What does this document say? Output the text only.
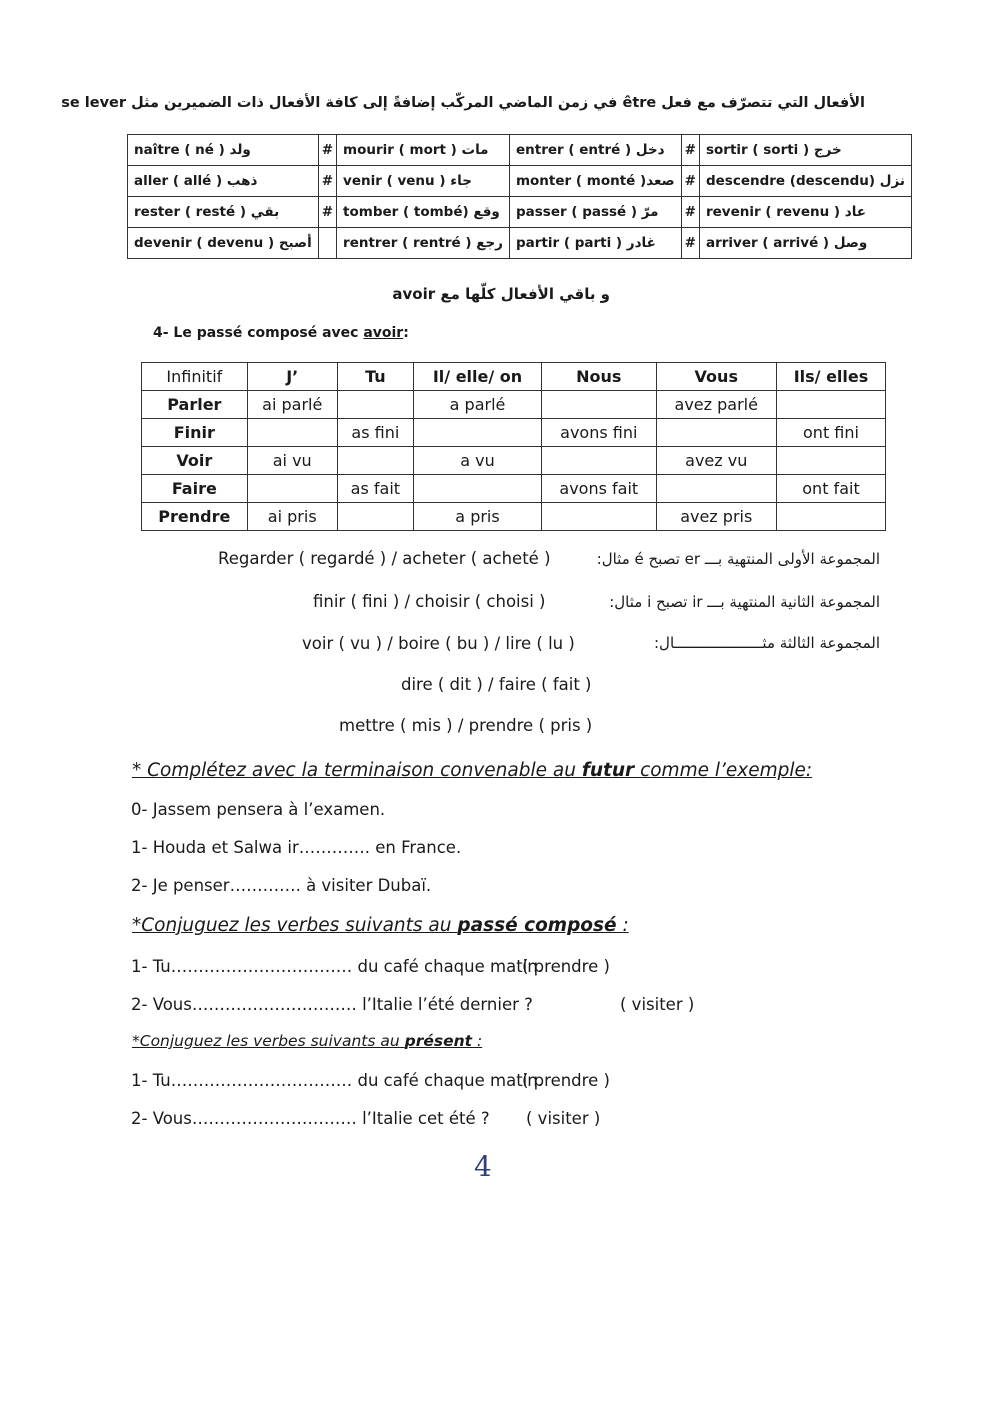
الأفعال التي تتصرّف مع فعل être في زمن الماضي المركّب إضافةً إلى كافة الأفعال ذات الضميرين مثل se lever
naître ( né ) ولد	#	mourir ( mort ) مات	entrer ( entré ) دخل	#	sortir ( sorti ) خرج
aller ( allé ) ذهب	#	venir ( venu ) جاء	monter ( monté )صعد	#	descendre (descendu) نزل
rester ( resté ) بقي	#	tomber ( tombé) وقع	passer ( passé ) مرّ	#	revenir ( revenu ) عاد
devenir ( devenu ) أصبح		rentrer ( rentré ) رجع	partir ( parti ) غادر	#	arriver ( arrivé ) وصل
و باقي الأفعال كلّها مع avoir
4- Le passé composé avec avoir:
Infinitif	J’	Tu	Il/ elle/ on	Nous	Vous	Ils/ elles
Parler	ai parlé		a parlé		avez parlé	
Finir		as fini		avons fini		ont fini
Voir	ai vu		a vu		avez vu	
Faire		as fait		avons fait		ont fait
Prendre	ai pris		a pris		avez pris	
المجموعة الأولى المنتهية بـــ er تصبح é مثال:
Regarder ( regardé ) / acheter ( acheté )
المجموعة الثانية المنتهية بـــ ir تصبح i مثال:
finir ( fini ) / choisir ( choisi )
المجموعة الثالثة مثــــــــــــــــــــال:
voir ( vu ) / boire ( bu ) / lire ( lu )
dire ( dit ) / faire ( fait )
mettre ( mis ) / prendre ( pris )
* Complétez avec la terminaison convenable au futur comme l’exemple:
0- Jassem pensera à l’examen.
1- Houda et Salwa ir…………. en France.
2- Je penser…………. à visiter Dubaï.
*Conjuguez les verbes suivants au passé composé :
1- Tu…………………………… du café chaque matin.
( prendre )
2- Vous………………………… l’Italie l’été dernier ?	( visiter )
*Conjuguez les verbes suivants au présent :
1- Tu…………………………… du café chaque matin.
( prendre )
2- Vous………………………… l’Italie cet été ? ( visiter )
4
